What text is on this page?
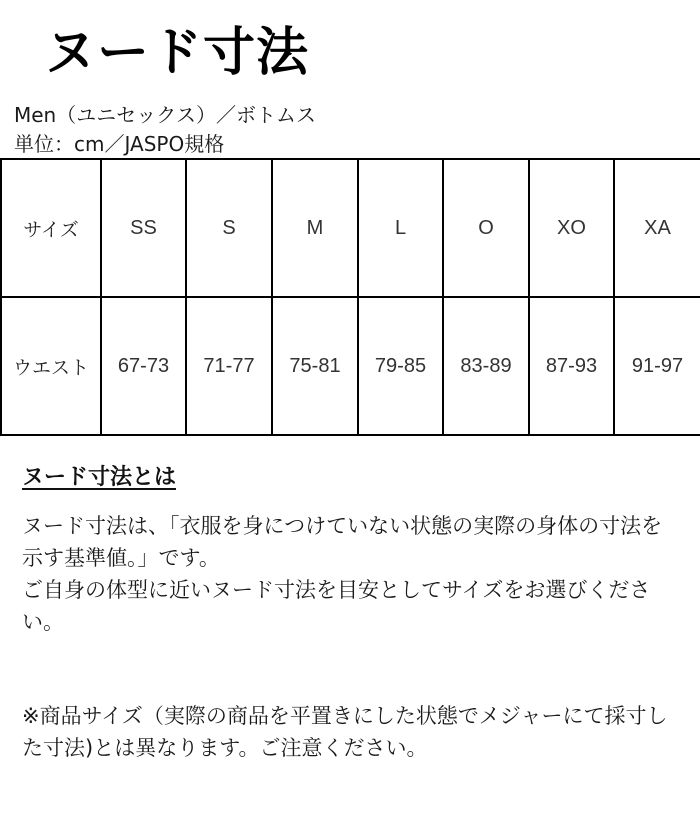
ヌード寸法

Men（ユニセックス）／ボトムス

単位：cm／JASPO規格

サイズ	SS	S	M	L	O	XO	XA
ウエスト	67-73	71-77	75-81	79-85	83-89	87-93	91-97
ヌード寸法とは

ヌード寸法は、「衣服を身につけていない状態の実際の身体の寸法を示す基準値。」です。

ご自身の体型に近いヌード寸法を目安としてサイズをお選びください。

※商品サイズ（実際の商品を平置きにした状態でメジャーにて採寸した寸法)とは異なります。ご注意ください。
